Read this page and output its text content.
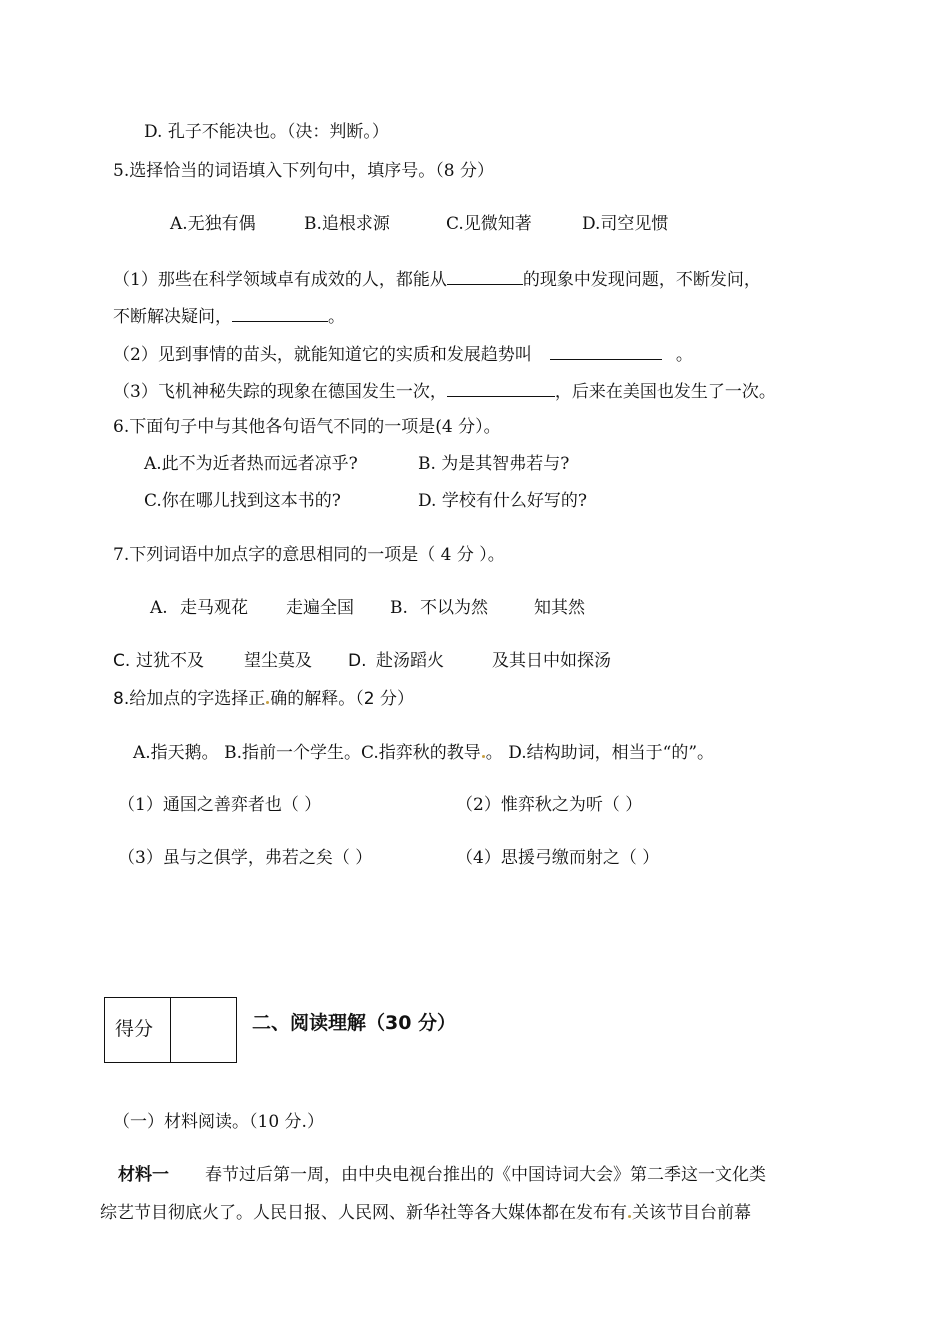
D. 孔子不能决也。（决：判断。）
5.选择恰当的词语填入下列句中，填序号。（8 分）
A.无独有偶	B.追根求源	C.见微知著	D.司空见惯
（1）那些在科学领域卓有成效的人，都能从	的现象中发现问题，不断发问，
不断解决疑问，	。
（2）见到事情的苗头，就能知道它的实质和发展趋势叫	。
（3）飞机神秘失踪的现象在德国发生一次，	，后来在美国也发生了一次。
6.下面句子中与其他各句语气不同的一项是(4 分）。
A.此不为近者热而远者凉乎?	B. 为是其智弗若与?
C.你在哪儿找到这本书的?	D. 学校有什么好写的?
7.下列词语中加点字的意思相同的一项是（ 4 分 ）。
A. 走马观花 走遍全国 B. 不以为然	知其然
C. 过犹不及 望尘莫及 D. 赴汤蹈火	及其日中如探汤
8.给加点的字选择正 确的解释。（2 分）
A.指天鹅。 B.指前一个学生。C.指弈秋的教导 。 D.结构助词，相当于“的”。
（1）通国之善弈者也（ ）	（2）惟弈秋之为听（ ）
（3）虽与之俱学，弗若之矣（ ）	（4）思援弓缴而射之（ ）
得分	二、阅读理解（30 分）
（一）材料阅读。（10 分.）
材料一 春节过后第一周，由中央电视台推出的《中国诗词大会》第二季这一文化类
综艺节目彻底火了。人民日报、人民网、新华社等各大媒体都在发布有 关该节目台前幕
